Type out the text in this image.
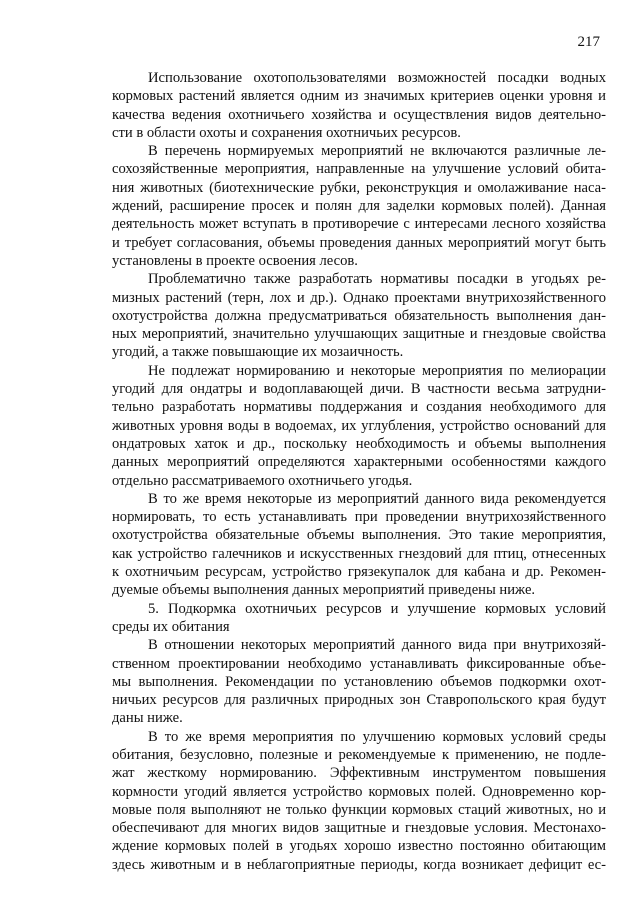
217
Использование охотопользователями возможностей посадки водных
кормовых растений является одним из значимых критериев оценки уровня и
качества ведения охотничьего хозяйства и осуществления видов деятельно-
сти в области охоты и сохранения охотничьих ресурсов.
В перечень нормируемых мероприятий не включаются различные ле-
сохозяйственные мероприятия, направленные на улучшение условий обита-
ния животных (биотехнические рубки, реконструкция и омолаживание наса-
ждений, расширение просек и полян для заделки кормовых полей). Данная
деятельность может вступать в противоречие с интересами лесного хозяйства
и требует согласования, объемы проведения данных мероприятий могут быть
установлены в проекте освоения лесов.
Проблематично также разработать нормативы посадки в угодьях ре-
мизных растений (терн, лох и др.). Однако проектами внутрихозяйственного
охотустройства должна предусматриваться обязательность выполнения дан-
ных мероприятий, значительно улучшающих защитные и гнездовые свойства
угодий, а также повышающие их мозаичность.
Не подлежат нормированию и некоторые мероприятия по мелиорации
угодий для ондатры и водоплавающей дичи. В частности весьма затрудни-
тельно разработать нормативы поддержания и создания необходимого для
животных уровня воды в водоемах, их углубления, устройство оснований для
ондатровых хаток и др., поскольку необходимость и объемы выполнения
данных мероприятий определяются характерными особенностями каждого
отдельно рассматриваемого охотничьего угодья.
В то же время некоторые из мероприятий данного вида рекомендуется
нормировать, то есть устанавливать при проведении внутрихозяйственного
охотустройства обязательные объемы выполнения. Это такие мероприятия,
как устройство галечников и искусственных гнездовий для птиц, отнесенных
к охотничьим ресурсам, устройство грязекупалок для кабана и др. Рекомен-
дуемые объемы выполнения данных мероприятий приведены ниже.
5. Подкормка охотничьих ресурсов и улучшение кормовых условий
среды их обитания
В отношении некоторых мероприятий данного вида при внутрихозяй-
ственном проектировании необходимо устанавливать фиксированные объе-
мы выполнения. Рекомендации по установлению объемов подкормки охот-
ничьих ресурсов для различных природных зон Ставропольского края будут
даны ниже.
В то же время мероприятия по улучшению кормовых условий среды
обитания, безусловно, полезные и рекомендуемые к применению, не подле-
жат жесткому нормированию. Эффективным инструментом повышения
кормности угодий является устройство кормовых полей. Одновременно кор-
мовые поля выполняют не только функции кормовых стаций животных, но и
обеспечивают для многих видов защитные и гнездовые условия. Местонахо-
ждение кормовых полей в угодьях хорошо известно постоянно обитающим
здесь животным и в неблагоприятные периоды, когда возникает дефицит ес-
